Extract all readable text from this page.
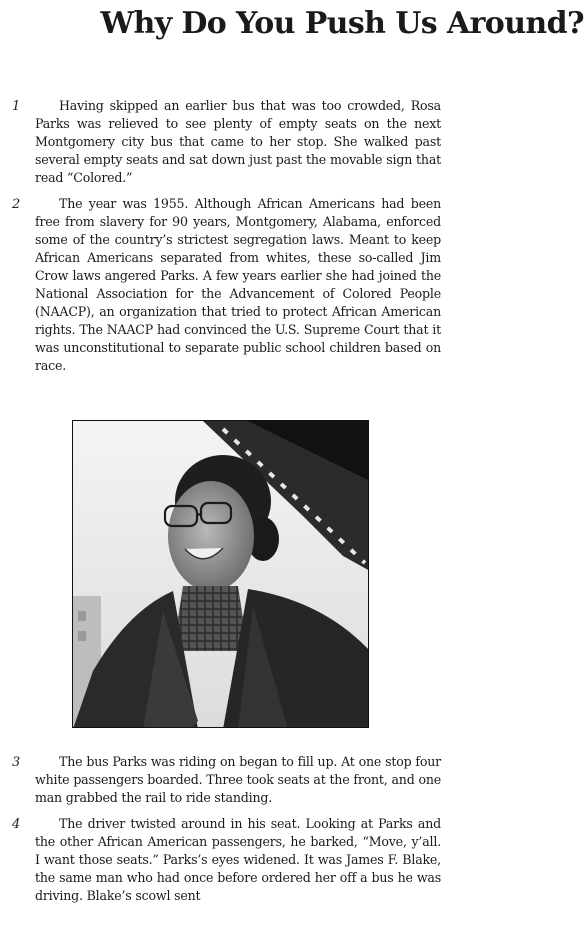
Why Do You Push Us Around?
1	Having skipped an earlier bus that was too crowded, Rosa Parks was relieved to see plenty of empty seats on the next Montgomery city bus that came to her stop. She walked past several empty seats and sat down just past the movable sign that read “Colored.”

2	The year was 1955. Although African Americans had been free from slavery for 90 years, Montgomery, Alabama, enforced some of the country’s strictest segregation laws. Meant to keep African Americans separated from whites, these so-called Jim Crow laws angered Parks. A few years earlier she had joined the National Association for the Advancement of Colored People (NAACP), an organization that tried to protect African American rights. The NAACP had convinced the U.S. Supreme Court that it was unconstitutional to separate public school children based on race.

3	The bus Parks was riding on began to fill up. At one stop four white passengers boarded. Three took seats at the front, and one man grabbed the rail to ride standing.

4	The driver twisted around in his seat. Looking at Parks and the other African American passengers, he barked, “Move, y’all. I want those seats.” Parks’s eyes widened. It was James F. Blake, the same man who had once before ordered her off a bus he was driving. Blake’s scowl sent
